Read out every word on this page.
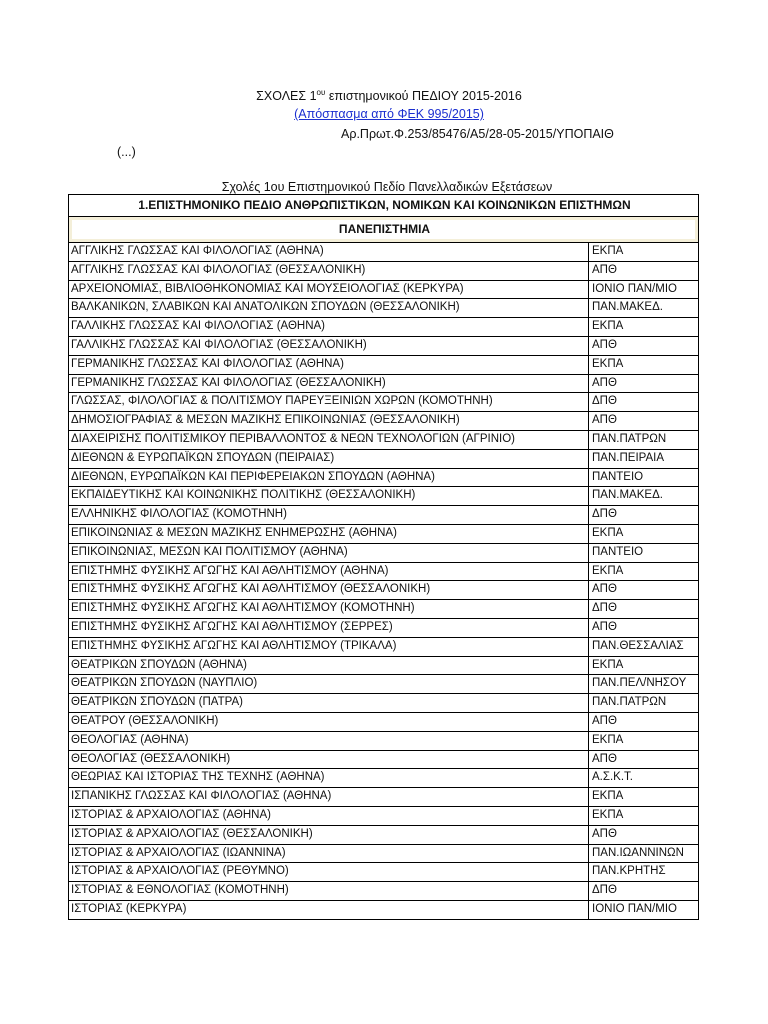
ΣΧΟΛΕΣ $1^{o\upsilon}$ επιστημονικού ΠΕΔΙΟΥ 2015-2016
(Απόσπασμα από ΦΕΚ 995/2015)
Αρ.Πρωτ.Φ.253/85476/Α5/28-05-2015/ΥΠΟΠΑΙΘ
(...)
Σχολές 1ου Επιστημονικού Πεδίο Πανελλαδικών Εξετάσεων
1.ΕΠΙΣΤΗΜΟΝΙΚΟ ΠΕΔΙΟ ΑΝΘΡΩΠΙΣΤΙΚΩΝ, ΝΟΜΙΚΩΝ ΚΑΙ ΚΟΙΝΩΝΙΚΩΝ ΕΠΙΣΤΗΜΩΝ	
ΠΑΝΕΠΙΣΤΗΜΙΑ	
ΑΓΓΛΙΚΗΣ ΓΛΩΣΣΑΣ ΚΑΙ ΦΙΛΟΛΟΓΙΑΣ (ΑΘΗΝΑ)	ΕΚΠΑ
ΑΓΓΛΙΚΗΣ ΓΛΩΣΣΑΣ ΚΑΙ ΦΙΛΟΛΟΓΙΑΣ (ΘΕΣΣΑΛΟΝΙΚΗ)	ΑΠΘ
ΑΡΧΕΙΟΝΟΜΙΑΣ, ΒΙΒΛΙΟΘΗΚΟΝΟΜΙΑΣ ΚΑΙ ΜΟΥΣΕΙΟΛΟΓΙΑΣ (ΚΕΡΚΥΡΑ)	ΙΟΝΙΟ ΠΑΝ/ΜΙΟ
ΒΑΛΚΑΝΙΚΩΝ, ΣΛΑΒΙΚΩΝ ΚΑΙ ΑΝΑΤΟΛΙΚΩΝ ΣΠΟΥΔΩΝ (ΘΕΣΣΑΛΟΝΙΚΗ)	ΠΑΝ.ΜΑΚΕΔ.
ΓΑΛΛΙΚΗΣ ΓΛΩΣΣΑΣ ΚΑΙ ΦΙΛΟΛΟΓΙΑΣ (ΑΘΗΝΑ)	ΕΚΠΑ
ΓΑΛΛΙΚΗΣ ΓΛΩΣΣΑΣ ΚΑΙ ΦΙΛΟΛΟΓΙΑΣ (ΘΕΣΣΑΛΟΝΙΚΗ)	ΑΠΘ
ΓΕΡΜΑΝΙΚΗΣ ΓΛΩΣΣΑΣ ΚΑΙ ΦΙΛΟΛΟΓΙΑΣ (ΑΘΗΝΑ)	ΕΚΠΑ
ΓΕΡΜΑΝΙΚΗΣ ΓΛΩΣΣΑΣ ΚΑΙ ΦΙΛΟΛΟΓΙΑΣ (ΘΕΣΣΑΛΟΝΙΚΗ)	ΑΠΘ
ΓΛΩΣΣΑΣ, ΦΙΛΟΛΟΓΙΑΣ & ΠΟΛΙΤΙΣΜΟΥ ΠΑΡΕΥΞΕΙΝΙΩΝ ΧΩΡΩΝ (ΚΟΜΟΤΗΝΗ)	ΔΠΘ
ΔΗΜΟΣΙΟΓΡΑΦΙΑΣ & ΜΕΣΩΝ ΜΑΖΙΚΗΣ ΕΠΙΚΟΙΝΩΝΙΑΣ (ΘΕΣΣΑΛΟΝΙΚΗ)	ΑΠΘ
ΔΙΑΧΕΙΡΙΣΗΣ ΠΟΛΙΤΙΣΜΙΚΟΥ ΠΕΡΙΒΑΛΛΟΝΤΟΣ & ΝΕΩΝ ΤΕΧΝΟΛΟΓΙΩΝ (ΑΓΡΙΝΙΟ)	ΠΑΝ.ΠΑΤΡΩΝ
ΔΙΕΘΝΩΝ & ΕΥΡΩΠΑΪΚΩΝ ΣΠΟΥΔΩΝ (ΠΕΙΡΑΙΑΣ)	ΠΑΝ.ΠΕΙΡΑΙΑ
ΔΙΕΘΝΩΝ, ΕΥΡΩΠΑΪΚΩΝ ΚΑΙ ΠΕΡΙΦΕΡΕΙΑΚΩΝ ΣΠΟΥΔΩΝ (ΑΘΗΝΑ)	ΠΑΝΤΕΙΟ
ΕΚΠΑΙΔΕΥΤΙΚΗΣ ΚΑΙ ΚΟΙΝΩΝΙΚΗΣ ΠΟΛΙΤΙΚΗΣ (ΘΕΣΣΑΛΟΝΙΚΗ)	ΠΑΝ.ΜΑΚΕΔ.
ΕΛΛΗΝΙΚΗΣ ΦΙΛΟΛΟΓΙΑΣ (ΚΟΜΟΤΗΝΗ)	ΔΠΘ
ΕΠΙΚΟΙΝΩΝΙΑΣ & ΜΕΣΩΝ ΜΑΖΙΚΗΣ ΕΝΗΜΕΡΩΣΗΣ (ΑΘΗΝΑ)	ΕΚΠΑ
ΕΠΙΚΟΙΝΩΝΙΑΣ, ΜΕΣΩΝ ΚΑΙ ΠΟΛΙΤΙΣΜΟΥ (ΑΘΗΝΑ)	ΠΑΝΤΕΙΟ
ΕΠΙΣΤΗΜΗΣ ΦΥΣΙΚΗΣ ΑΓΩΓΗΣ ΚΑΙ ΑΘΛΗΤΙΣΜΟΥ (ΑΘΗΝΑ)	ΕΚΠΑ
ΕΠΙΣΤΗΜΗΣ ΦΥΣΙΚΗΣ ΑΓΩΓΗΣ ΚΑΙ ΑΘΛΗΤΙΣΜΟΥ (ΘΕΣΣΑΛΟΝΙΚΗ)	ΑΠΘ
ΕΠΙΣΤΗΜΗΣ ΦΥΣΙΚΗΣ ΑΓΩΓΗΣ ΚΑΙ ΑΘΛΗΤΙΣΜΟΥ (ΚΟΜΟΤΗΝΗ)	ΔΠΘ
ΕΠΙΣΤΗΜΗΣ ΦΥΣΙΚΗΣ ΑΓΩΓΗΣ ΚΑΙ ΑΘΛΗΤΙΣΜΟΥ (ΣΕΡΡΕΣ)	ΑΠΘ
ΕΠΙΣΤΗΜΗΣ ΦΥΣΙΚΗΣ ΑΓΩΓΗΣ ΚΑΙ ΑΘΛΗΤΙΣΜΟΥ (ΤΡΙΚΑΛΑ)	ΠΑΝ.ΘΕΣΣΑΛΙΑΣ
ΘΕΑΤΡΙΚΩΝ ΣΠΟΥΔΩΝ (ΑΘΗΝΑ)	ΕΚΠΑ
ΘΕΑΤΡΙΚΩΝ ΣΠΟΥΔΩΝ (ΝΑΥΠΛΙΟ)	ΠΑΝ.ΠΕΛ/ΝΗΣΟΥ
ΘΕΑΤΡΙΚΩΝ ΣΠΟΥΔΩΝ (ΠΑΤΡΑ)	ΠΑΝ.ΠΑΤΡΩΝ
ΘΕΑΤΡΟΥ (ΘΕΣΣΑΛΟΝΙΚΗ)	ΑΠΘ
ΘΕΟΛΟΓΙΑΣ (ΑΘΗΝΑ)	ΕΚΠΑ
ΘΕΟΛΟΓΙΑΣ (ΘΕΣΣΑΛΟΝΙΚΗ)	ΑΠΘ
ΘΕΩΡΙΑΣ ΚΑΙ ΙΣΤΟΡΙΑΣ ΤΗΣ ΤΕΧΝΗΣ (ΑΘΗΝΑ)	Α.Σ.Κ.Τ.
ΙΣΠΑΝΙΚΗΣ ΓΛΩΣΣΑΣ ΚΑΙ ΦΙΛΟΛΟΓΙΑΣ (ΑΘΗΝΑ)	ΕΚΠΑ
ΙΣΤΟΡΙΑΣ & ΑΡΧΑΙΟΛΟΓΙΑΣ (ΑΘΗΝΑ)	ΕΚΠΑ
ΙΣΤΟΡΙΑΣ & ΑΡΧΑΙΟΛΟΓΙΑΣ (ΘΕΣΣΑΛΟΝΙΚΗ)	ΑΠΘ
ΙΣΤΟΡΙΑΣ & ΑΡΧΑΙΟΛΟΓΙΑΣ (ΙΩΑΝΝΙΝΑ)	ΠΑΝ.ΙΩΑΝΝΙΝΩΝ
ΙΣΤΟΡΙΑΣ & ΑΡΧΑΙΟΛΟΓΙΑΣ (ΡΕΘΥΜΝΟ)	ΠΑΝ.ΚΡΗΤΗΣ
ΙΣΤΟΡΙΑΣ & ΕΘΝΟΛΟΓΙΑΣ (ΚΟΜΟΤΗΝΗ)	ΔΠΘ
ΙΣΤΟΡΙΑΣ (ΚΕΡΚΥΡΑ)	ΙΟΝΙΟ ΠΑΝ/ΜΙΟ
